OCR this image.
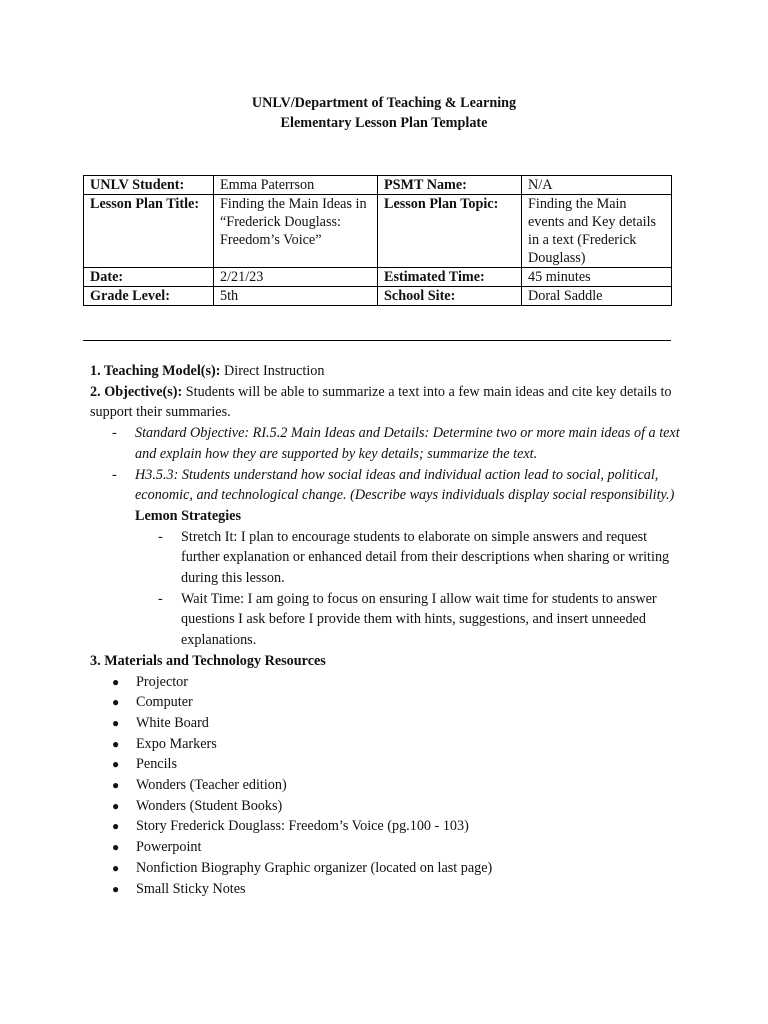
UNLV/Department of Teaching & Learning
Elementary Lesson Plan Template
UNLV Student:	Emma Paterrson	PSMT Name:	N/A
Lesson Plan Title:	Finding the Main Ideas in “Frederick Douglass: Freedom’s Voice”	Lesson Plan Topic:	Finding the Main events and Key details in a text (Frederick Douglass)
Date:	2/21/23	Estimated Time:	45 minutes
Grade Level:	5th	School Site:	Doral Saddle
1. Teaching Model(s): Direct Instruction
2. Objective(s): Students will be able to summarize a text into a few main ideas and cite key details to support their summaries.
- Standard Objective: RI.5.2 Main Ideas and Details: Determine two or more main ideas of a text and explain how they are supported by key details; summarize the text.
- H3.5.3: Students understand how social ideas and individual action lead to social, political, economic, and technological change. (Describe ways individuals display social responsibility.)
Lemon Strategies
- Stretch It: I plan to encourage students to elaborate on simple answers and request further explanation or enhanced detail from their descriptions when sharing or writing during this lesson.
- Wait Time: I am going to focus on ensuring I allow wait time for students to answer questions I ask before I provide them with hints, suggestions, and insert unneeded explanations.
3. Materials and Technology Resources
● Projector
● Computer
● White Board
● Expo Markers
● Pencils
● Wonders (Teacher edition)
● Wonders (Student Books)
● Story Frederick Douglass: Freedom’s Voice (pg.100 - 103)
● Powerpoint
● Nonfiction Biography Graphic organizer (located on last page)
● Small Sticky Notes
